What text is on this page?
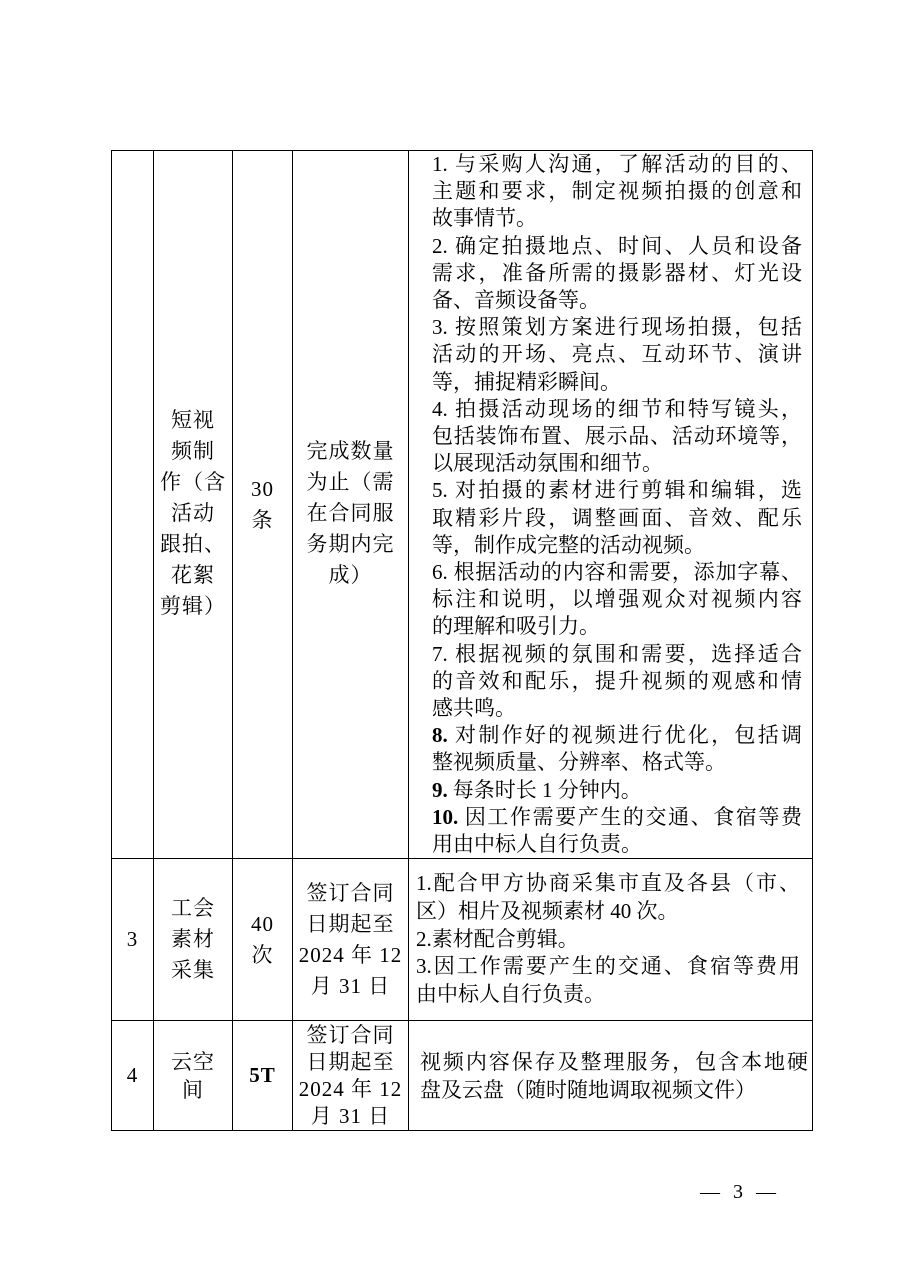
短视
频制
作（含
活动
跟拍、
花絮
剪辑）
30
条
完成数量
为止（需
在合同服
务期内完
成）
1. 与采购人沟通，了解活动的目的、
主题和要求，制定视频拍摄的创意和
故事情节。
2. 确定拍摄地点、时间、人员和设备
需求，准备所需的摄影器材、灯光设
备、音频设备等。
3. 按照策划方案进行现场拍摄，包括
活动的开场、亮点、互动环节、演讲
等，捕捉精彩瞬间。
4. 拍摄活动现场的细节和特写镜头，
包括装饰布置、展示品、活动环境等，
以展现活动氛围和细节。
5. 对拍摄的素材进行剪辑和编辑，选
取精彩片段，调整画面、音效、配乐
等，制作成完整的活动视频。
6. 根据活动的内容和需要，添加字幕、
标注和说明，以增强观众对视频内容
的理解和吸引力。
7. 根据视频的氛围和需要，选择适合
的音效和配乐，提升视频的观感和情
感共鸣。
8. 对制作好的视频进行优化，包括调
整视频质量、分辨率、格式等。
9. 每条时长 1 分钟内。
10. 因工作需要产生的交通、食宿等费
用由中标人自行负责。
3
工会
素材
采集
40
次
签订合同
日期起至
2024 年 12
月 31 日
1.配合甲方协商采集市直及各县（市、
区）相片及视频素材 40 次。
2.素材配合剪辑。
3.因工作需要产生的交通、食宿等费用
由中标人自行负责。
4
云空
间
5T
签订合同
日期起至
2024 年 12
月 31 日
视频内容保存及整理服务，包含本地硬
盘及云盘（随时随地调取视频文件）
— 3 —
